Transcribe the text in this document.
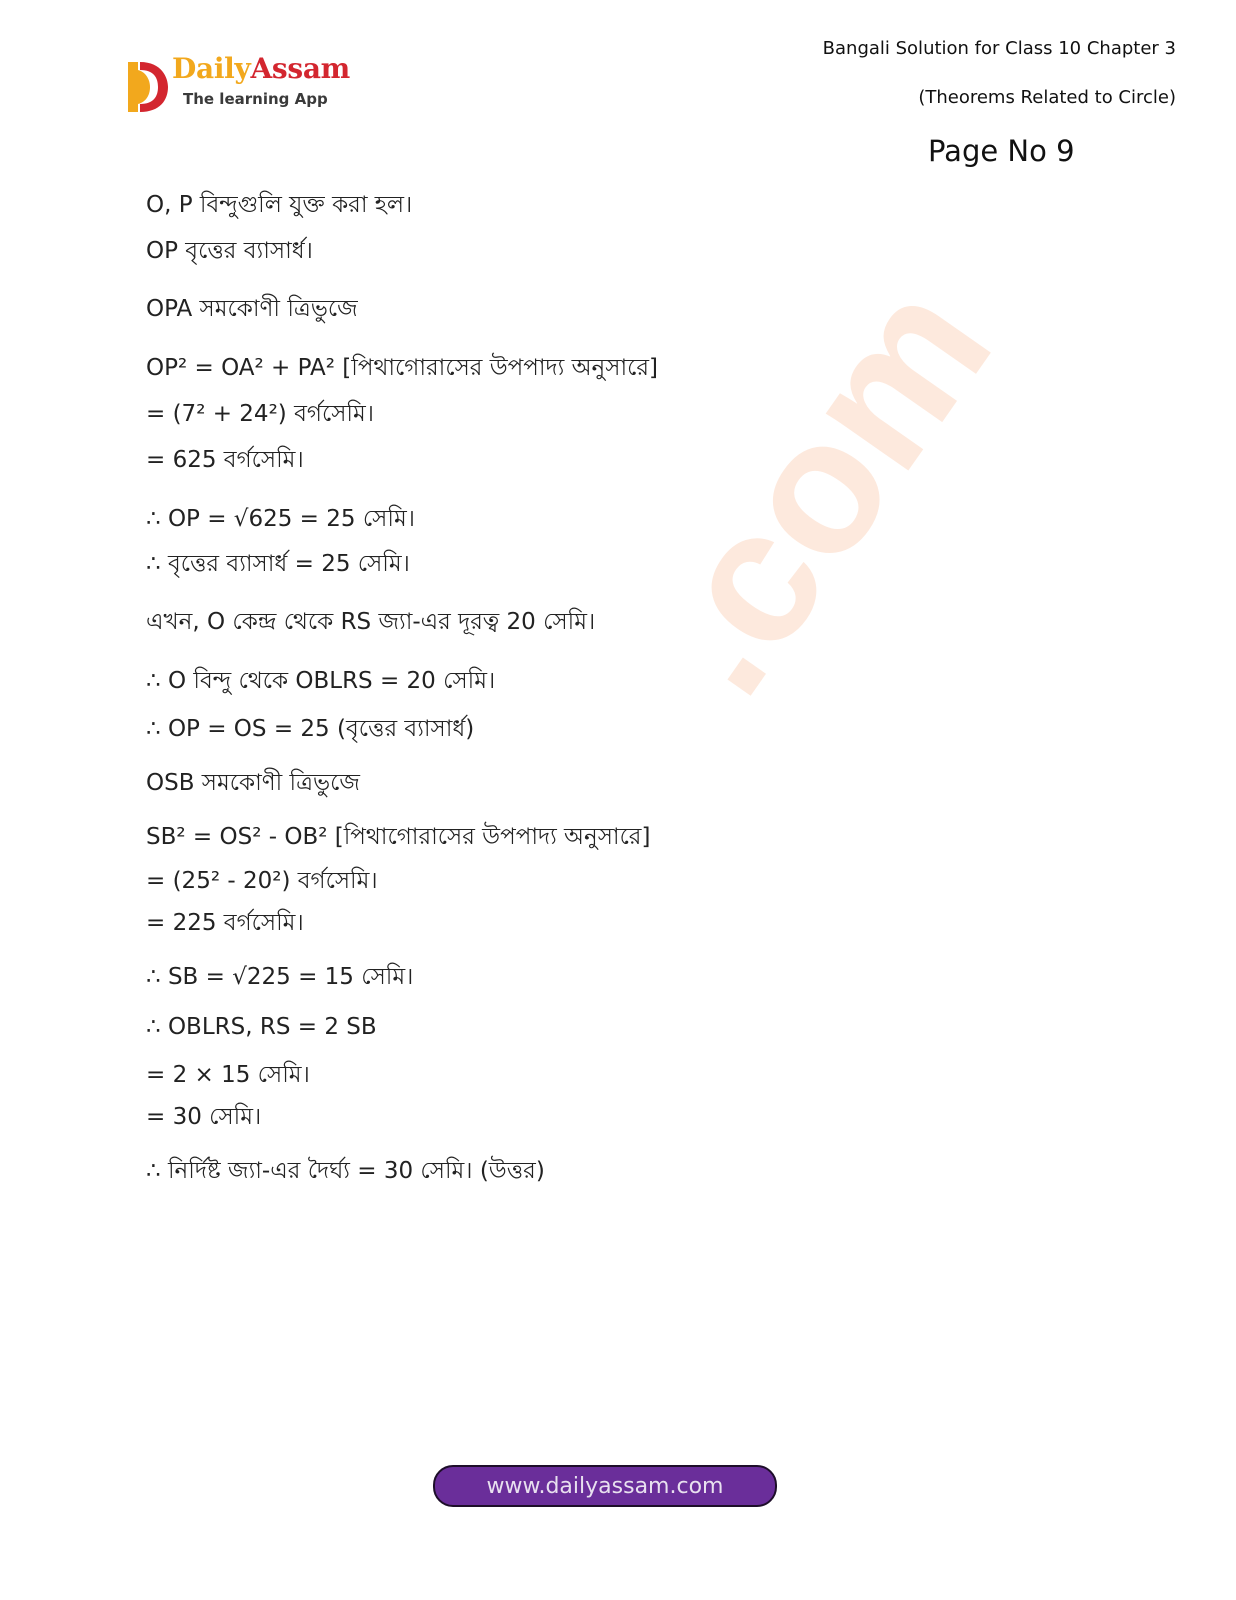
.com
DailyAssam
The learning App
Bangali Solution for Class 10 Chapter 3
(Theorems Related to Circle)
Page No 9
O, P বিন্দুগুলি যুক্ত করা হল।
OP বৃত্তের ব্যাসার্ধ।
OPA সমকোণী ত্রিভুজে
OP² = OA² + PA² [পিথাগোরাসের উপপাদ্য অনুসারে]
= (7² + 24²) বর্গসেমি।
= 625 বর্গসেমি।
∴ OP = √625 = 25 সেমি।
∴ বৃত্তের ব্যাসার্ধ = 25 সেমি।
এখন, O কেন্দ্র থেকে RS জ্যা-এর দূরত্ব 20 সেমি।
∴ O বিন্দু থেকে OBLRS = 20 সেমি।
∴ OP = OS = 25 (বৃত্তের ব্যাসার্ধ)
OSB সমকোণী ত্রিভুজে
SB² = OS² - OB² [পিথাগোরাসের উপপাদ্য অনুসারে]
= (25² - 20²) বর্গসেমি।
= 225 বর্গসেমি।
∴ SB = √225 = 15 সেমি।
∴ OBLRS, RS = 2 SB
= 2 × 15 সেমি।
= 30 সেমি।
∴ নির্দিষ্ট জ্যা-এর দৈর্ঘ্য = 30 সেমি। (উত্তর)
www.dailyassam.com
